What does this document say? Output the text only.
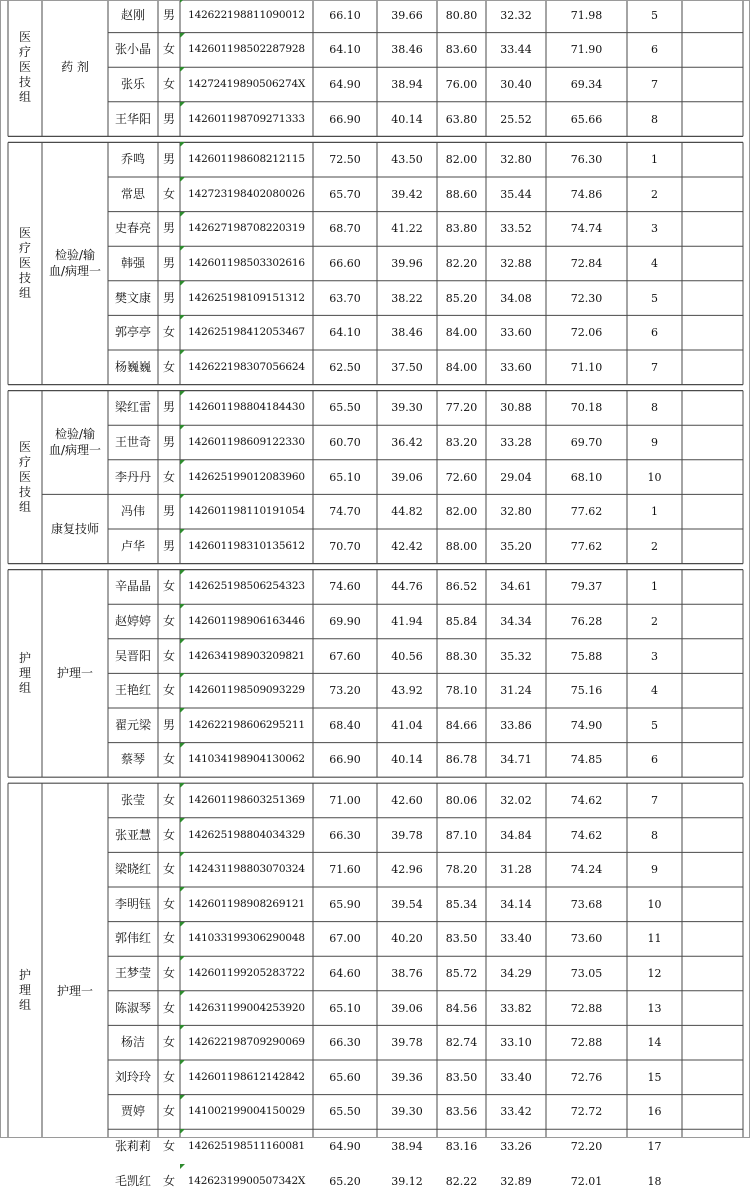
医疗医技组
药 剂
赵刚 男 142622198811090012 66.10	39.66 80.80 32.32	71.98	5
张小晶 女 142601198502287928 64.10	38.46 83.60 33.44	71.90	6
张乐 女 14272419890506274X 64.90	38.94 76.00 30.40	69.34	7
王华阳 男 142601198709271333 66.90	40.14 63.80 25.52	65.66	8
医疗医技组
检验/输血/病理一
乔鸣 男 142601198608212115 72.50	43.50 82.00 32.80	76.30	1
常思 女 142723198402080026 65.70	39.42 88.60 35.44	74.86	2
史春亮 男 142627198708220319 68.70	41.22 83.80 33.52	74.74	3
韩强 男 142601198503302616 66.60	39.96 82.20 32.88	72.84	4
樊文康 男 142625198109151312 63.70	38.22 85.20 34.08	72.30	5
郭亭亭 女 142625198412053467 64.10	38.46 84.00 33.60	72.06	6
杨巍巍 女 142622198307056624 62.50	37.50 84.00 33.60	71.10	7
医疗医技组
检验/输血/病理一
梁红雷 男 142601198804184430 65.50	39.30 77.20 30.88	70.18	8
王世奇 男 142601198609122330 60.70	36.42 83.20 33.28	69.70	9
李丹丹 女 142625199012083960 65.10	39.06 72.60 29.04	68.10	10
康复技师
冯伟 男 142601198110191054 74.70	44.82 82.00 32.80	77.62	1
卢华 男 142601198310135612 70.70	42.42 88.00 35.20	77.62	2
护理组
护理一
辛晶晶 女 142625198506254323 74.60	44.76 86.52 34.61	79.37	1
赵婷婷 女 142601198906163446 69.90	41.94 85.84 34.34	76.28	2
吴晋阳 女 142634198903209821 67.60	40.56 88.30 35.32	75.88	3
王艳红 女 142601198509093229 73.20	43.92 78.10 31.24	75.16	4
翟元梁 男 142622198606295211 68.40	41.04 84.66 33.86	74.90	5
蔡琴 女 141034198904130062 66.90	40.14 86.78 34.71	74.85	6
护理组
护理一
张莹 女 142601198603251369 71.00	42.60 80.06 32.02	74.62	7
张亚慧 女 142625198804034329 66.30	39.78 87.10 34.84	74.62	8
梁晓红 女 142431198803070324 71.60	42.96 78.20 31.28	74.24	9
李明钰 女 142601198908269121 65.90	39.54 85.34 34.14	73.68	10
郭伟红 女 141033199306290048 67.00	40.20 83.50 33.40	73.60	11
王梦莹 女 142601199205283722 64.60	38.76 85.72 34.29	73.05	12
陈淑琴 女 142631199004253920 65.10	39.06 84.56 33.82	72.88	13
杨洁 女 142622198709290069 66.30	39.78 82.74 33.10	72.88	14
刘玲玲 女 142601198612142842 65.60	39.36 83.50 33.40	72.76	15
贾婷 女 141002199004150029 65.50	39.30 83.56 33.42	72.72	16
张莉莉 女 142625198511160081 64.90	38.94 83.16 33.26	72.20	17
毛凯红 女 14262319900507342X 65.20	39.12 82.22 32.89	72.01	18
